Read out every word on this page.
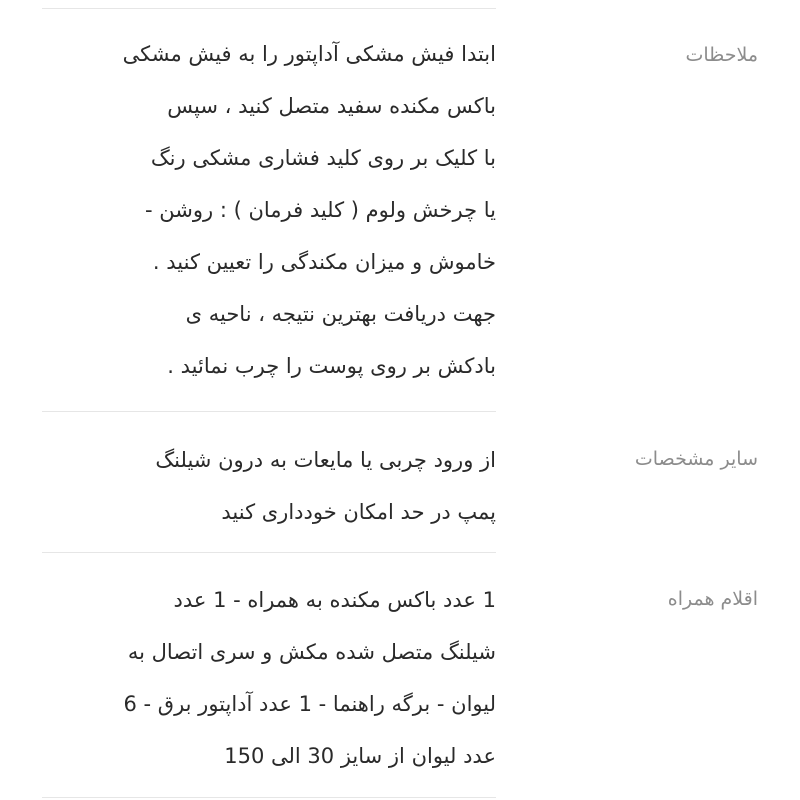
ملاحظات
ابتدا فیش مشکی آداپتور را به فیش مشکی
باکس مکنده سفید متصل کنید ، سپس
با کلیک بر روی کلید فشاری مشکی رنگ
یا چرخش ولوم ( کلید فرمان ) : روشن -
خاموش و میزان مکندگی را تعیین کنید .
جهت دریافت بهترین نتیجه ، ناحیه ی
بادکش بر روی پوست را چرب نمائید .
سایر مشخصات
از ورود چربی یا مایعات به درون شیلنگ
پمپ در حد امکان خودداری کنید
اقلام همراه
1 عدد باکس مکنده به همراه - 1 عدد
شیلنگ متصل شده مکش و سری اتصال به
لیوان - برگه راهنما - 1 عدد آداپتور برق - 6
عدد لیوان از سایز 30 الی 150
